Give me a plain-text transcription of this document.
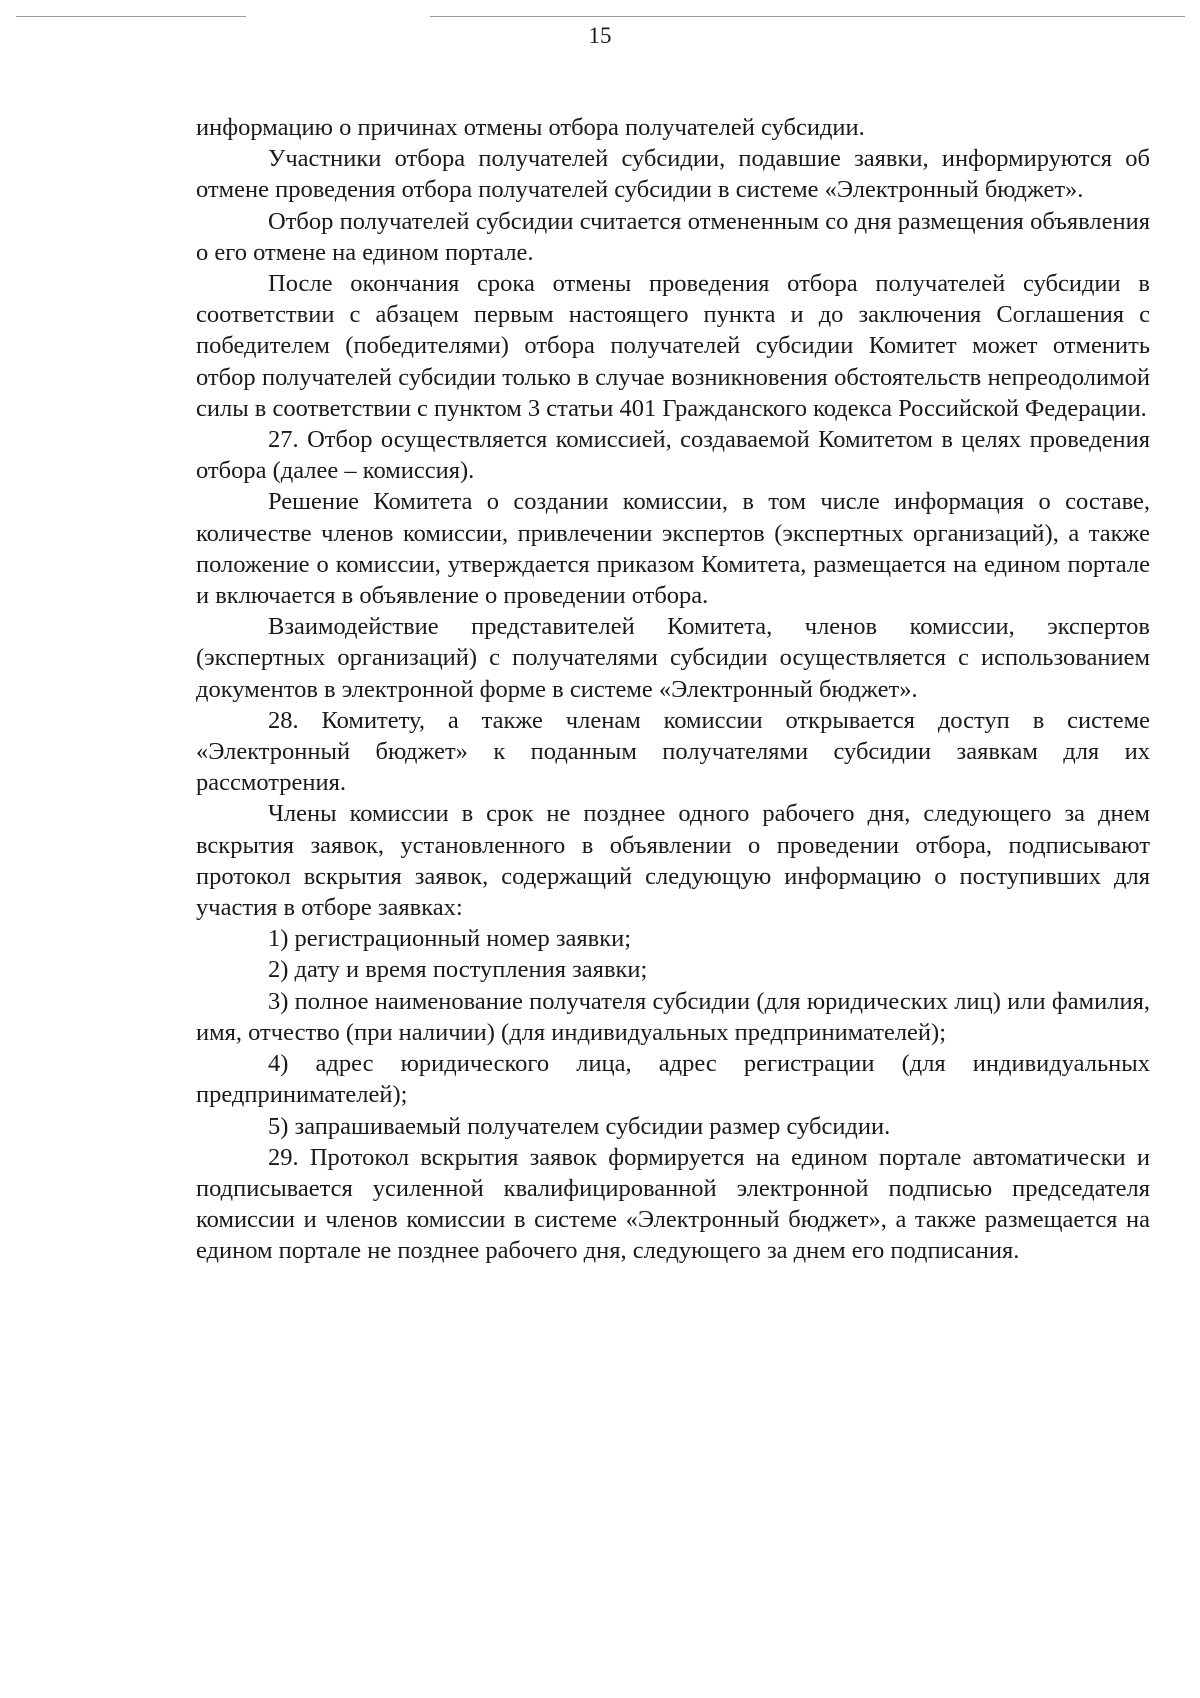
15

информацию о причинах отмены отбора получателей субсидии.

Участники отбора получателей субсидии, подавшие заявки, информируются об отмене проведения отбора получателей субсидии в системе «Электронный бюджет».

Отбор получателей субсидии считается отмененным со дня размещения объявления о его отмене на едином портале.

После окончания срока отмены проведения отбора получателей субсидии в соответствии с абзацем первым настоящего пункта и до заключения Соглашения с победителем (победителями) отбора получателей субсидии Комитет может отменить отбор получателей субсидии только в случае возникновения обстоятельств непреодолимой силы в соответствии с пунктом 3 статьи 401 Гражданского кодекса Российской Федерации.

27. Отбор осуществляется комиссией, создаваемой Комитетом в целях проведения отбора (далее – комиссия).

Решение Комитета о создании комиссии, в том числе информация о составе, количестве членов комиссии, привлечении экспертов (экспертных организаций), а также положение о комиссии, утверждается приказом Комитета, размещается на едином портале и включается в объявление о проведении отбора.

Взаимодействие представителей Комитета, членов комиссии, экспертов (экспертных организаций) с получателями субсидии осуществляется с использованием документов в электронной форме в системе «Электронный бюджет».

28. Комитету, а также членам комиссии открывается доступ в системе «Электронный бюджет» к поданным получателями субсидии заявкам для их рассмотрения.

Члены комиссии в срок не позднее одного рабочего дня, следующего за днем вскрытия заявок, установленного в объявлении о проведении отбора, подписывают протокол вскрытия заявок, содержащий следующую информацию о поступивших для участия в отборе заявках:

1) регистрационный номер заявки;

2) дату и время поступления заявки;

3) полное наименование получателя субсидии (для юридических лиц) или фамилия, имя, отчество (при наличии) (для индивидуальных предпринимателей);

4) адрес юридического лица, адрес регистрации (для индивидуальных предпринимателей);

5) запрашиваемый получателем субсидии размер субсидии.

29. Протокол вскрытия заявок формируется на едином портале автоматически и подписывается усиленной квалифицированной электронной подписью председателя комиссии и членов комиссии в системе «Электронный бюджет», а также размещается на едином портале не позднее рабочего дня, следующего за днем его подписания.
